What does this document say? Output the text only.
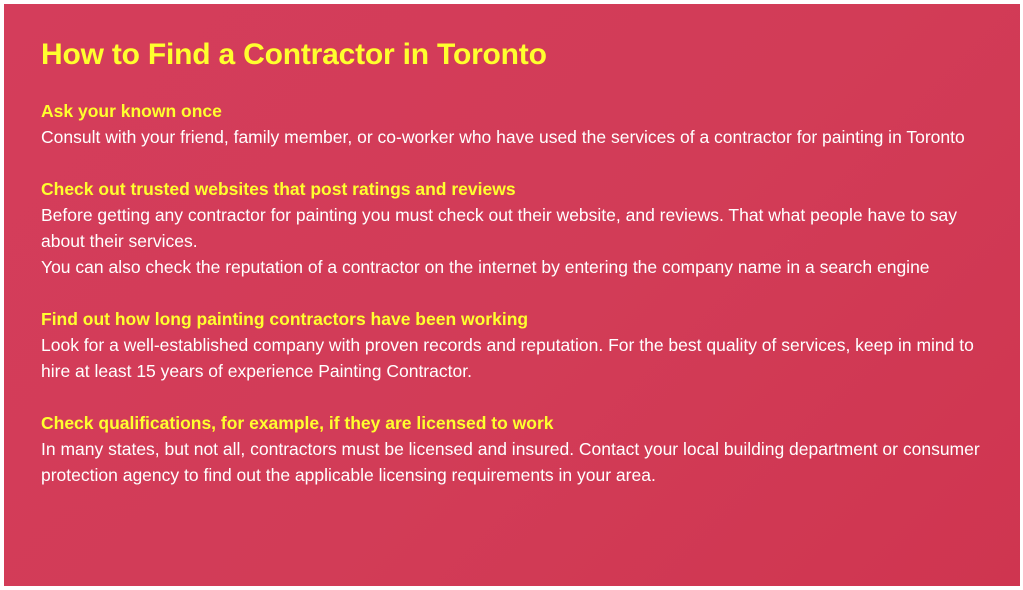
How to Find a Contractor in Toronto

Ask your known once

Consult with your friend, family member, or co-worker who have used the services of a contractor for painting in Toronto

Check out trusted websites that post ratings and reviews

Before getting any contractor for painting you must check out their website, and reviews. That what people have to say about their services.

You can also check the reputation of a contractor on the internet by entering the company name in a search engine

Find out how long painting contractors have been working

Look for a well-established company with proven records and reputation. For the best quality of services, keep in mind to hire at least 15 years of experience Painting Contractor.

Check qualifications, for example, if they are licensed to work

In many states, but not all, contractors must be licensed and insured. Contact your local building department or consumer protection agency to find out the applicable licensing requirements in your area.
